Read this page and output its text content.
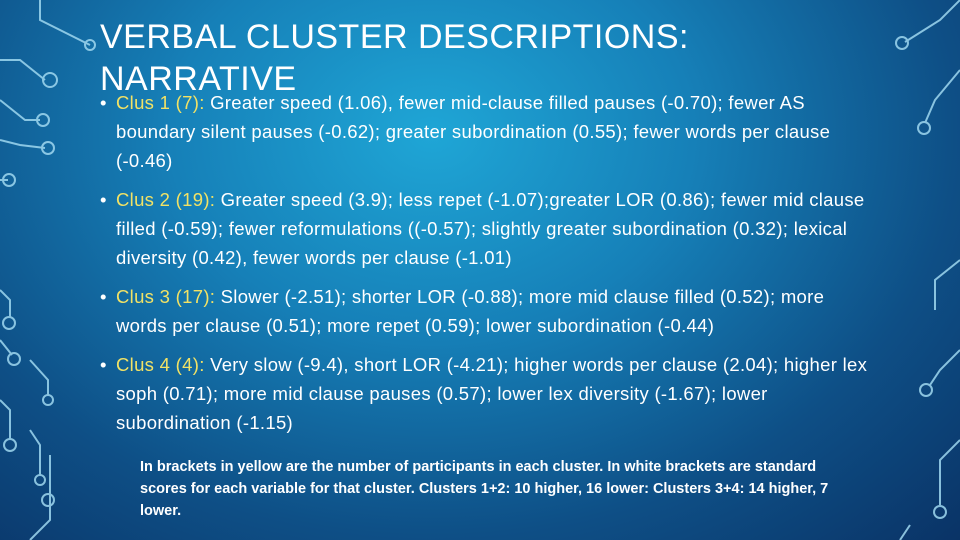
VERBAL CLUSTER DESCRIPTIONS: NARRATIVE
• Clus 1 (7): Greater speed (1.06), fewer mid-clause filled pauses (-0.70); fewer AS boundary silent pauses (-0.62); greater subordination (0.55); fewer words per clause (-0.46)
• Clus 2 (19): Greater speed (3.9); less repet (-1.07);greater LOR (0.86); fewer mid clause filled (-0.59); fewer reformulations ((-0.57); slightly greater subordination (0.32); lexical diversity (0.42), fewer words per clause (-1.01)
• Clus 3 (17): Slower (-2.51); shorter LOR (-0.88); more mid clause filled (0.52); more words per clause (0.51); more repet (0.59); lower subordination (-0.44)
• Clus 4 (4): Very slow (-9.4), short LOR (-4.21); higher words per clause (2.04); higher lex soph (0.71); more mid clause pauses (0.57); lower lex diversity (-1.67); lower subordination (-1.15)

In brackets in yellow are the number of participants in each cluster. In white brackets are standard scores for each variable for that cluster. Clusters 1+2: 10 higher, 16 lower: Clusters 3+4: 14 higher, 7 lower.
